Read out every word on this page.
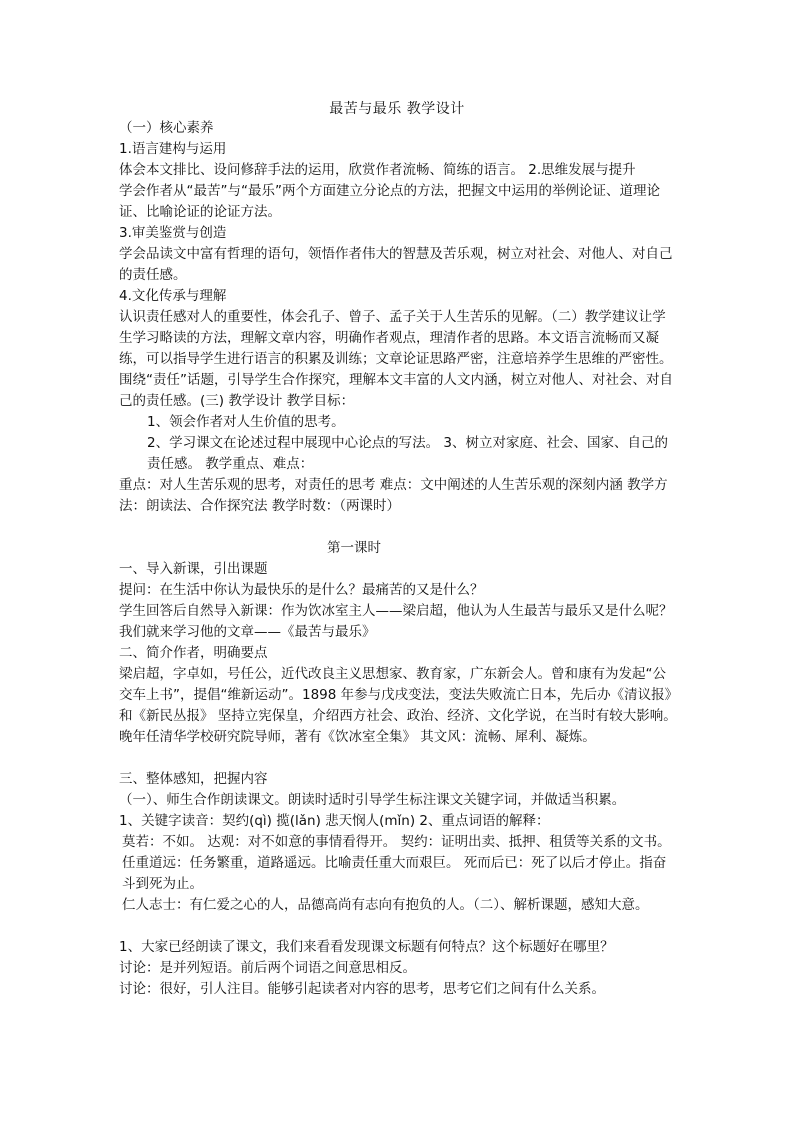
最苦与最乐 教学设计

（一）核心素养

1.语言建构与运用

体会本文排比、设问修辞手法的运用，欣赏作者流畅、简练的语言。 2.思维发展与提升

学会作者从“最苦”与“最乐”两个方面建立分论点的方法，把握文中运用的举例论证、道理论证、比喻论证的论证方法。

3.审美鉴赏与创造

学会品读文中富有哲理的语句，领悟作者伟大的智慧及苦乐观，树立对社会、对他人、对自己的责任感。

4.文化传承与理解

认识责任感对人的重要性，体会孔子、曾子、孟子关于人生苦乐的见解。（二）教学建议让学生学习略读的方法，理解文章内容，明确作者观点，理清作者的思路。本文语言流畅而又凝练，可以指导学生进行语言的积累及训练；文章论证思路严密，注意培养学生思维的严密性。围绕“责任”话题，引导学生合作探究，理解本文丰富的人文内涵，树立对他人、对社会、对自己的责任感。(三) 教学设计 教学目标：

1、领会作者对人生价值的思考。

2、学习课文在论述过程中展现中心论点的写法。 3、树立对家庭、社会、国家、自己的责任感。 教学重点、难点：

重点：对人生苦乐观的思考，对责任的思考 难点：文中阐述的人生苦乐观的深刻内涵 教学方法：朗读法、合作探究法 教学时数：（两课时）

第一课时

一、导入新课，引出课题

提问：在生活中你认为最快乐的是什么？最痛苦的又是什么？

学生回答后自然导入新课：作为饮冰室主人——梁启超，他认为人生最苦与最乐又是什么呢？我们就来学习他的文章——《最苦与最乐》

二、简介作者，明确要点

梁启超，字卓如，号任公，近代改良主义思想家、教育家，广东新会人。曾和康有为发起“公交车上书”，提倡“维新运动”。1898 年参与戊戌变法，变法失败流亡日本，先后办《清议报》和《新民丛报》 坚持立宪保皇，介绍西方社会、政治、经济、文化学说，在当时有较大影响。晚年任清华学校研究院导师，著有《饮冰室全集》 其文风：流畅、犀利、凝炼。

三、整体感知，把握内容

（一）、师生合作朗读课文。朗读时适时引导学生标注课文关键字词，并做适当积累。

1、关键字读音：契约(qì) 揽(lǎn) 悲天悯人(mǐn) 2、重点词语的解释：

莫若：不如。 达观：对不如意的事情看得开。 契约：证明出卖、抵押、租赁等关系的文书。

任重道远：任务繁重，道路遥远。比喻责任重大而艰巨。 死而后已：死了以后才停止。指奋斗到死为止。

仁人志士：有仁爱之心的人，品德高尚有志向有抱负的人。（二）、解析课题，感知大意。

1、大家已经朗读了课文，我们来看看发现课文标题有何特点？这个标题好在哪里？

讨论：是并列短语。前后两个词语之间意思相反。

讨论：很好，引人注目。能够引起读者对内容的思考，思考它们之间有什么关系。
